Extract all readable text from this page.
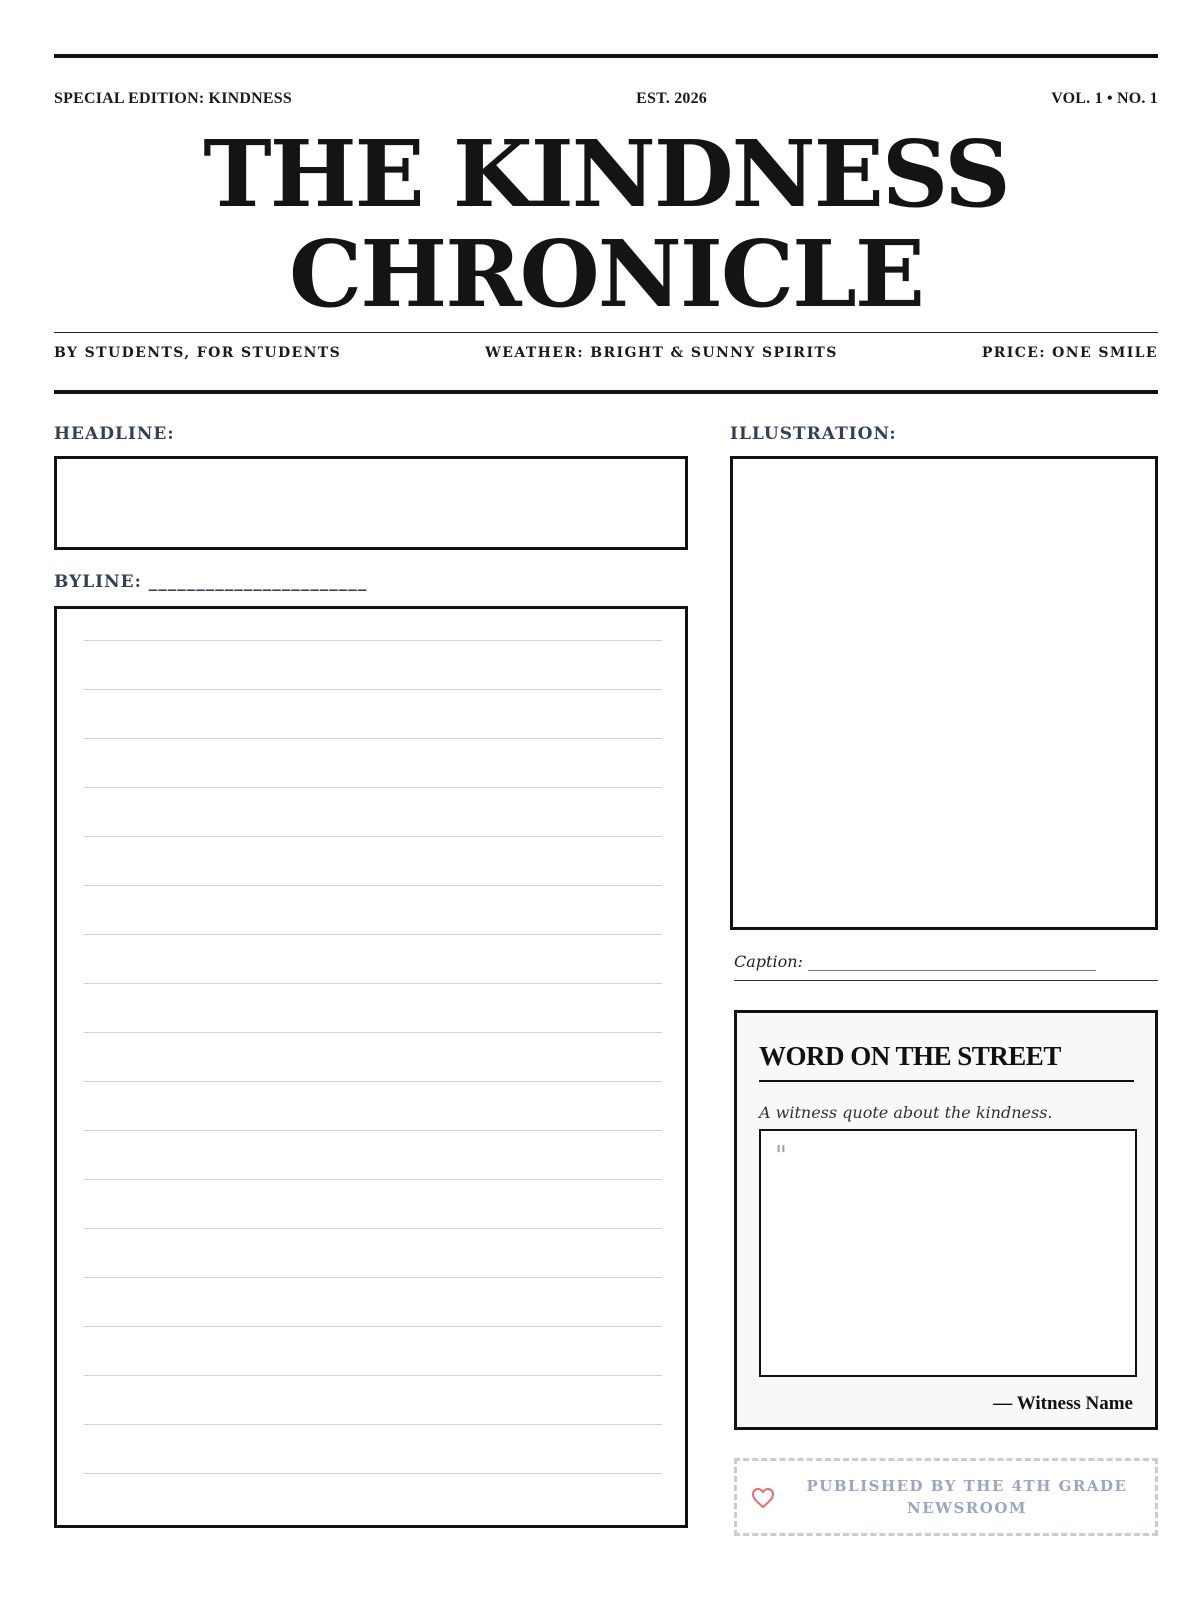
SPECIAL EDITION: KINDNESS	EST. 2026	VOL. 1 • NO. 1
THE KINDNESS
CHRONICLE
BY STUDENTS, FOR STUDENTS	WEATHER: BRIGHT & SUNNY SPIRITS	PRICE: ONE SMILE
HEADLINE:
BYLINE: _______________________
ILLUSTRATION:
Caption: ____________________________________
WORD ON THE STREET
A witness quote about the kindness.
"
— Witness Name
PUBLISHED BY THE 4TH GRADE NEWSROOM
